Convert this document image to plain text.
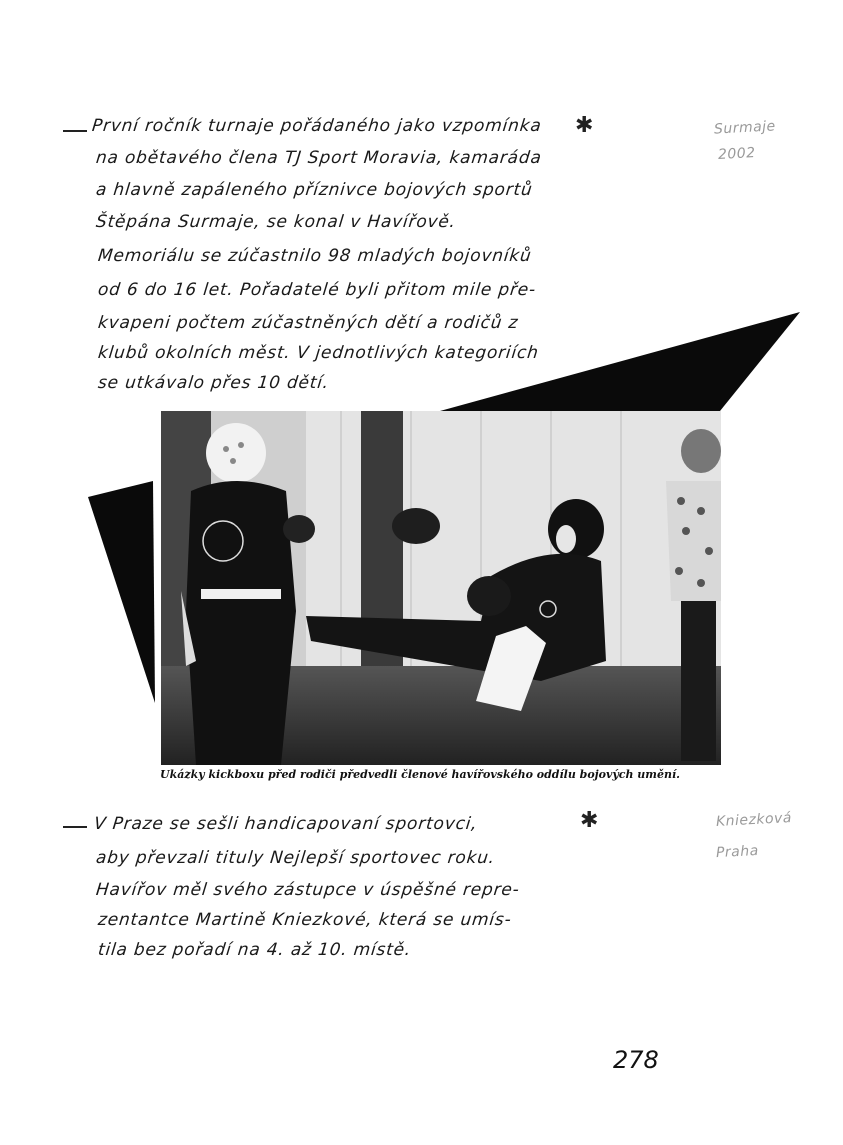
✱
První ročník turnaje pořádaného jako vzpomínka
na obětavého člena TJ Sport Moravia, kamaráda
a hlavně zapáleného příznivce bojových sportů
Štěpána Surmaje, se konal v Havířově.
Memoriálu se zúčastnilo 98 mladých bojovníků
od 6 do 16 let. Pořadatelé byli přitom mile pře-
kvapeni počtem zúčastněných dětí a rodičů z
klubů okolních měst. V jednotlivých kategoriích
se utkávalo přes 10 dětí.
Surmaje
2002
Ukázky kickboxu před rodiči předvedli členové havířovského oddílu bojových umění.
✱
V Praze se sešli handicapovaní sportovci,
aby převzali tituly Nejlepší sportovec roku.
Havířov měl svého zástupce v úspěšné repre-
zentantce Martině Kniezkové, která se umís-
tila bez pořadí na 4. až 10. místě.
Kniezková
Praha
278
